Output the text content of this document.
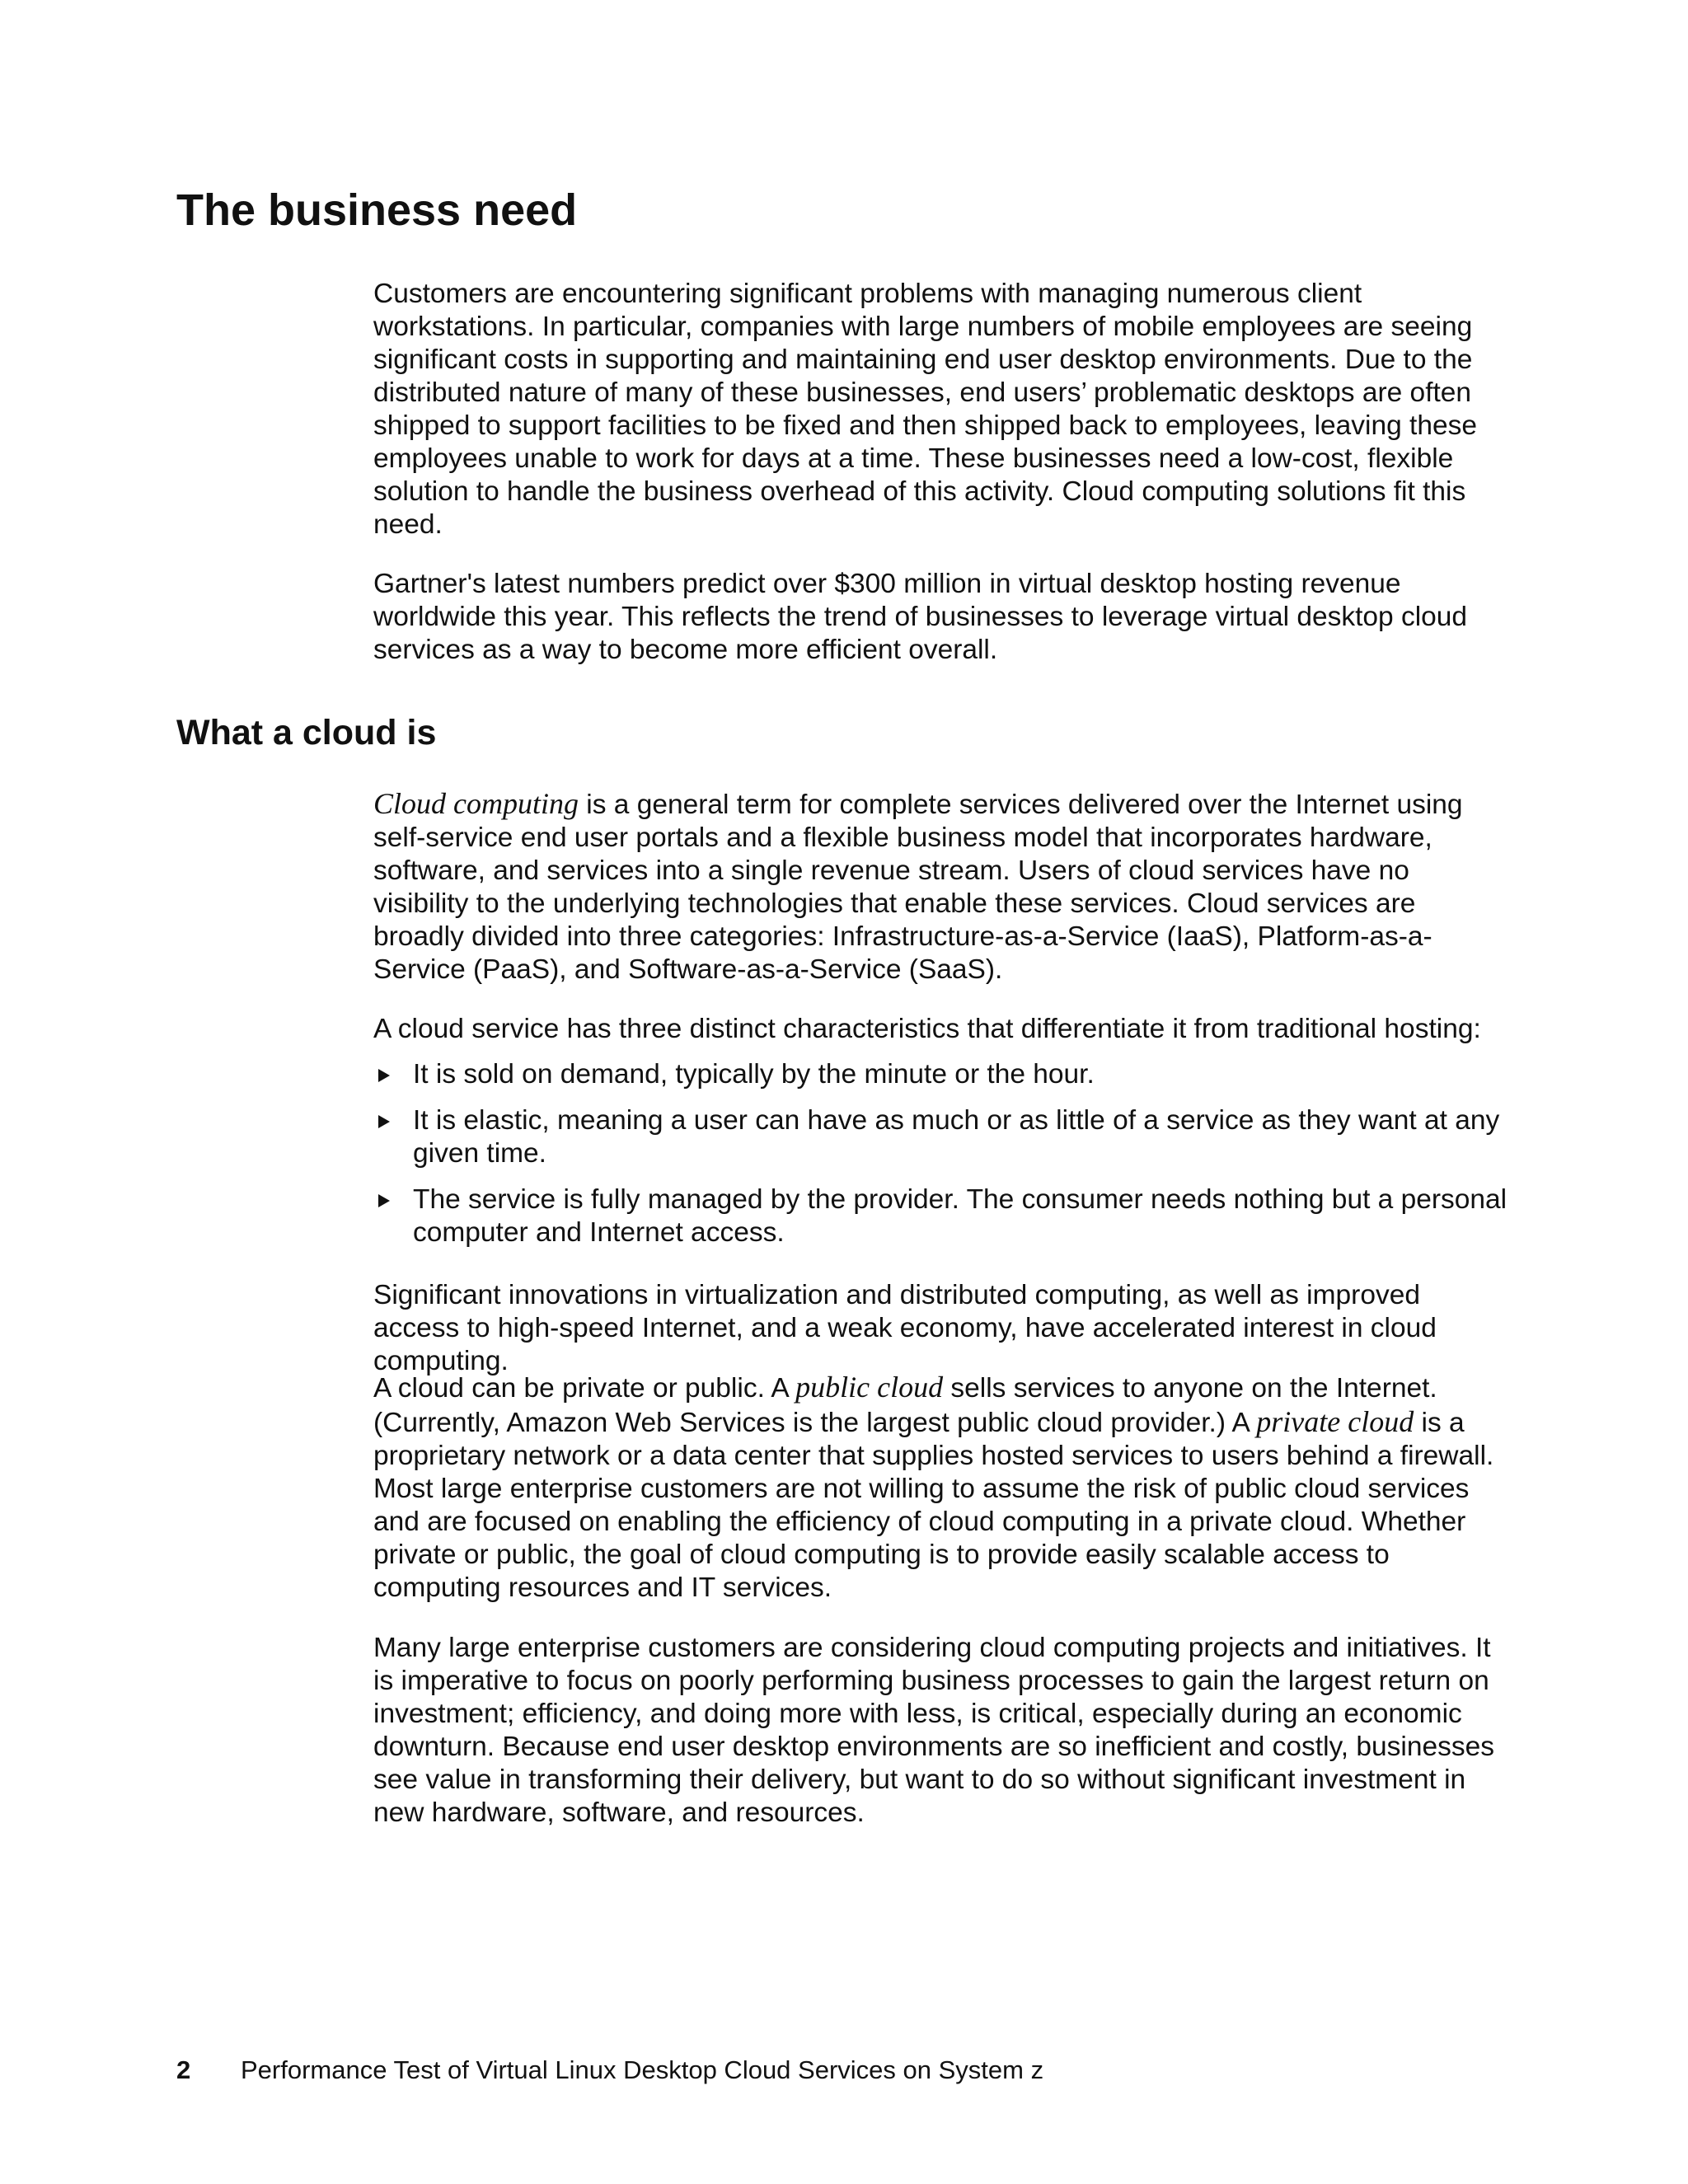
The business need

Customers are encountering significant problems with managing numerous client workstations. In particular, companies with large numbers of mobile employees are seeing significant costs in supporting and maintaining end user desktop environments. Due to the distributed nature of many of these businesses, end users’ problematic desktops are often shipped to support facilities to be fixed and then shipped back to employees, leaving these employees unable to work for days at a time. These businesses need a low-cost, flexible solution to handle the business overhead of this activity. Cloud computing solutions fit this need.

Gartner's latest numbers predict over $300 million in virtual desktop hosting revenue worldwide this year. This reflects the trend of businesses to leverage virtual desktop cloud services as a way to become more efficient overall.

What a cloud is

Cloud computing is a general term for complete services delivered over the Internet using self-service end user portals and a flexible business model that incorporates hardware, software, and services into a single revenue stream. Users of cloud services have no visibility to the underlying technologies that enable these services. Cloud services are broadly divided into three categories: Infrastructure-as-a-Service (IaaS), Platform-as-a-Service (PaaS), and Software-as-a-Service (SaaS).

A cloud service has three distinct characteristics that differentiate it from traditional hosting:

It is sold on demand, typically by the minute or the hour.
It is elastic, meaning a user can have as much or as little of a service as they want at any given time.
The service is fully managed by the provider. The consumer needs nothing but a personal computer and Internet access.

Significant innovations in virtualization and distributed computing, as well as improved access to high-speed Internet, and a weak economy, have accelerated interest in cloud computing.

A cloud can be private or public. A public cloud sells services to anyone on the Internet. (Currently, Amazon Web Services is the largest public cloud provider.) A private cloud is a proprietary network or a data center that supplies hosted services to users behind a firewall. Most large enterprise customers are not willing to assume the risk of public cloud services and are focused on enabling the efficiency of cloud computing in a private cloud. Whether private or public, the goal of cloud computing is to provide easily scalable access to computing resources and IT services.

Many large enterprise customers are considering cloud computing projects and initiatives. It is imperative to focus on poorly performing business processes to gain the largest return on investment; efficiency, and doing more with less, is critical, especially during an economic downturn. Because end user desktop environments are so inefficient and costly, businesses see value in transforming their delivery, but want to do so without significant investment in new hardware, software, and resources.

2 Performance Test of Virtual Linux Desktop Cloud Services on System z
